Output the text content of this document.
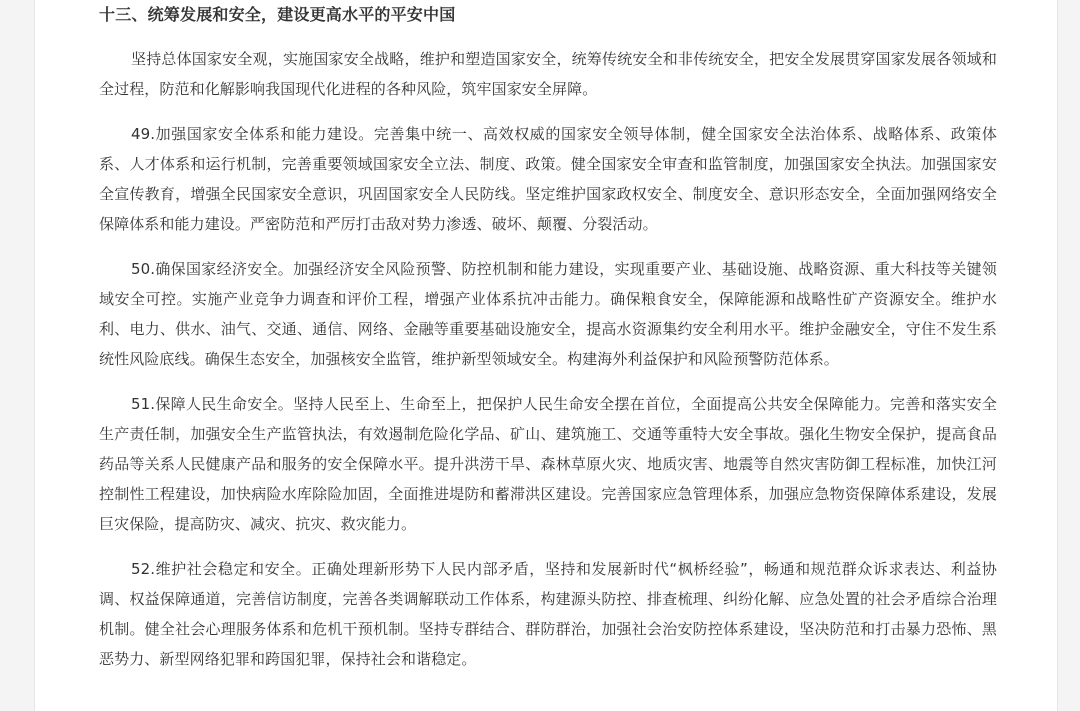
十三、统筹发展和安全，建设更高水平的平安中国

坚持总体国家安全观，实施国家安全战略，维护和塑造国家安全，统筹传统安全和非传统安全，把安全发展贯穿国家发展各领域和全过程，防范和化解影响我国现代化进程的各种风险，筑牢国家安全屏障。

49.加强国家安全体系和能力建设。完善集中统一、高效权威的国家安全领导体制，健全国家安全法治体系、战略体系、政策体系、人才体系和运行机制，完善重要领域国家安全立法、制度、政策。健全国家安全审查和监管制度，加强国家安全执法。加强国家安全宣传教育，增强全民国家安全意识，巩固国家安全人民防线。坚定维护国家政权安全、制度安全、意识形态安全，全面加强网络安全保障体系和能力建设。严密防范和严厉打击敌对势力渗透、破坏、颠覆、分裂活动。

50.确保国家经济安全。加强经济安全风险预警、防控机制和能力建设，实现重要产业、基础设施、战略资源、重大科技等关键领域安全可控。实施产业竞争力调查和评价工程，增强产业体系抗冲击能力。确保粮食安全，保障能源和战略性矿产资源安全。维护水利、电力、供水、油气、交通、通信、网络、金融等重要基础设施安全，提高水资源集约安全利用水平。维护金融安全，守住不发生系统性风险底线。确保生态安全，加强核安全监管，维护新型领域安全。构建海外利益保护和风险预警防范体系。

51.保障人民生命安全。坚持人民至上、生命至上，把保护人民生命安全摆在首位，全面提高公共安全保障能力。完善和落实安全生产责任制，加强安全生产监管执法，有效遏制危险化学品、矿山、建筑施工、交通等重特大安全事故。强化生物安全保护，提高食品药品等关系人民健康产品和服务的安全保障水平。提升洪涝干旱、森林草原火灾、地质灾害、地震等自然灾害防御工程标准，加快江河控制性工程建设，加快病险水库除险加固，全面推进堤防和蓄滞洪区建设。完善国家应急管理体系，加强应急物资保障体系建设，发展巨灾保险，提高防灾、减灾、抗灾、救灾能力。

52.维护社会稳定和安全。正确处理新形势下人民内部矛盾，坚持和发展新时代“枫桥经验”，畅通和规范群众诉求表达、利益协调、权益保障通道，完善信访制度，完善各类调解联动工作体系，构建源头防控、排查梳理、纠纷化解、应急处置的社会矛盾综合治理机制。健全社会心理服务体系和危机干预机制。坚持专群结合、群防群治，加强社会治安防控体系建设，坚决防范和打击暴力恐怖、黑恶势力、新型网络犯罪和跨国犯罪，保持社会和谐稳定。
